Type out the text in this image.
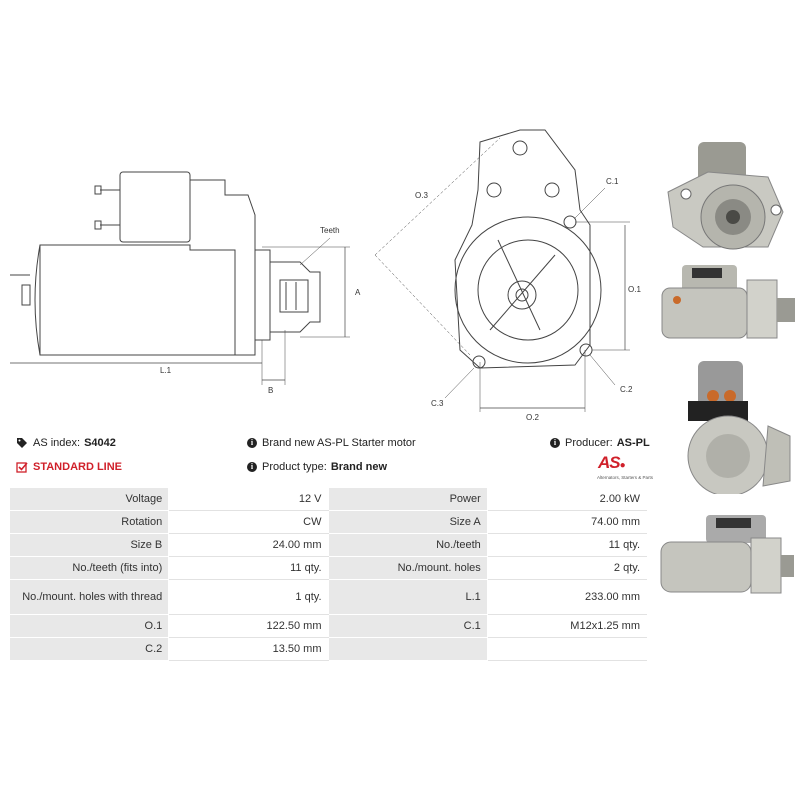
Teeth
A
B
L.1
O.3
C.1
O.1
C.2
C.3
O.2
AS index: S4042	i Brand new AS-PL Starter motor	i Producer: AS-PL
STANDARD LINE	i Product type: Brand new	AS●
Alternators, Starters & Parts
Voltage	12 V	Power	2.00 kW
Rotation	CW	Size A	74.00 mm
Size B	24.00 mm	No./teeth	11 qty.
No./teeth (fits into)	11 qty.	No./mount. holes	2 qty.
No./mount. holes with thread	1 qty.	L.1	233.00 mm
O.1	122.50 mm	C.1	M12x1.25 mm
C.2	13.50 mm		
